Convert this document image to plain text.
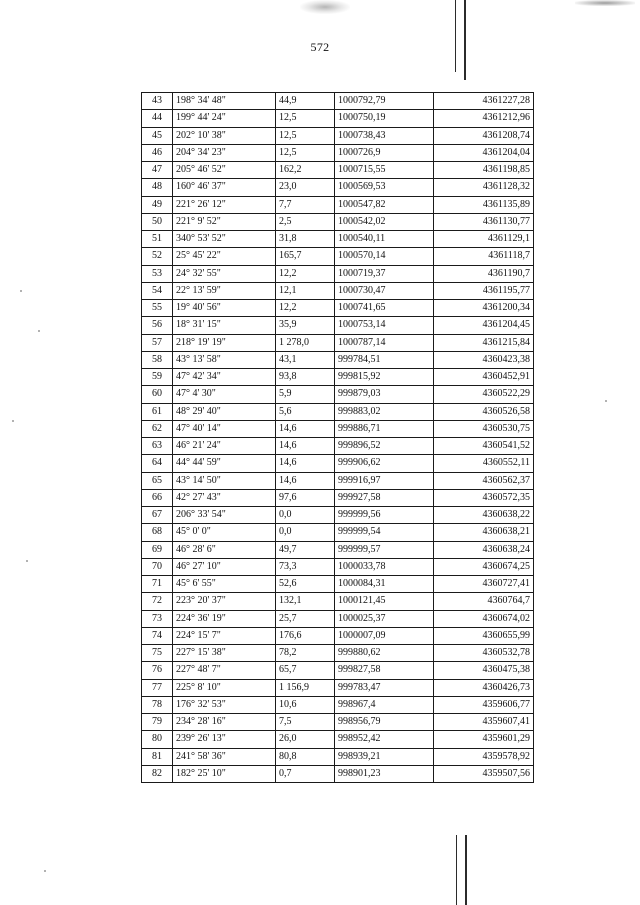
572
43	198° 34' 48"	44,9	1000792,79	4361227,28
44	199° 44' 24"	12,5	1000750,19	4361212,96
45	202° 10' 38"	12,5	1000738,43	4361208,74
46	204° 34' 23"	12,5	1000726,9	4361204,04
47	205° 46' 52"	162,2	1000715,55	4361198,85
48	160° 46' 37"	23,0	1000569,53	4361128,32
49	221° 26' 12"	7,7	1000547,82	4361135,89
50	221° 9' 52"	2,5	1000542,02	4361130,77
51	340° 53' 52"	31,8	1000540,11	4361129,1
52	25° 45' 22"	165,7	1000570,14	4361118,7
53	24° 32' 55"	12,2	1000719,37	4361190,7
54	22° 13' 59"	12,1	1000730,47	4361195,77
55	19° 40' 56"	12,2	1000741,65	4361200,34
56	18° 31' 15"	35,9	1000753,14	4361204,45
57	218° 19' 19"	1 278,0	1000787,14	4361215,84
58	43° 13' 58"	43,1	999784,51	4360423,38
59	47° 42' 34"	93,8	999815,92	4360452,91
60	47° 4' 30"	5,9	999879,03	4360522,29
61	48° 29' 40"	5,6	999883,02	4360526,58
62	47° 40' 14"	14,6	999886,71	4360530,75
63	46° 21' 24"	14,6	999896,52	4360541,52
64	44° 44' 59"	14,6	999906,62	4360552,11
65	43° 14' 50"	14,6	999916,97	4360562,37
66	42° 27' 43"	97,6	999927,58	4360572,35
67	206° 33' 54"	0,0	999999,56	4360638,22
68	45° 0' 0"	0,0	999999,54	4360638,21
69	46° 28' 6"	49,7	999999,57	4360638,24
70	46° 27' 10"	73,3	1000033,78	4360674,25
71	45° 6' 55"	52,6	1000084,31	4360727,41
72	223° 20' 37"	132,1	1000121,45	4360764,7
73	224° 36' 19"	25,7	1000025,37	4360674,02
74	224° 15' 7"	176,6	1000007,09	4360655,99
75	227° 15' 38"	78,2	999880,62	4360532,78
76	227° 48' 7"	65,7	999827,58	4360475,38
77	225° 8' 10"	1 156,9	999783,47	4360426,73
78	176° 32' 53"	10,6	998967,4	4359606,77
79	234° 28' 16"	7,5	998956,79	4359607,41
80	239° 26' 13"	26,0	998952,42	4359601,29
81	241° 58' 36"	80,8	998939,21	4359578,92
82	182° 25' 10"	0,7	998901,23	4359507,56
